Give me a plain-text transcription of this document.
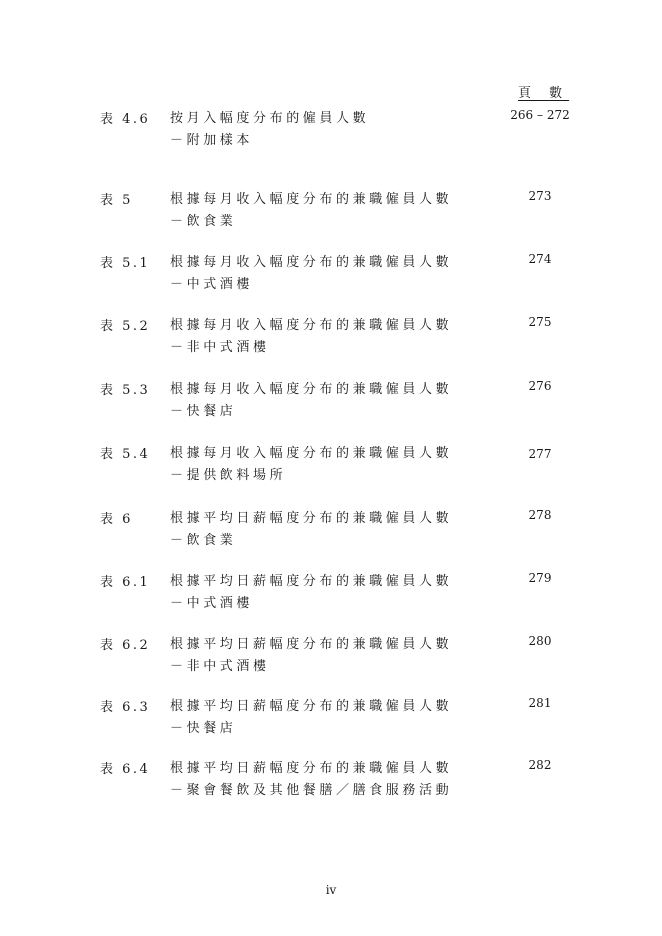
頁 數
表 4.6 按月入幅度分布的僱員人數
－附加樣本
266 – 272
表 5	根據每月收入幅度分布的兼職僱員人數
－飲食業
273
表 5.1 根據每月收入幅度分布的兼職僱員人數
－中式酒樓
274
表 5.2 根據每月收入幅度分布的兼職僱員人數
－非中式酒樓
275
表 5.3 根據每月收入幅度分布的兼職僱員人數
－快餐店
276
表 5.4 根據每月收入幅度分布的兼職僱員人數
－提供飲料場所
277
表 6	根據平均日薪幅度分布的兼職僱員人數
－飲食業
278
表 6.1 根據平均日薪幅度分布的兼職僱員人數
－中式酒樓
279
表 6.2 根據平均日薪幅度分布的兼職僱員人數
－非中式酒樓
280
表 6.3 根據平均日薪幅度分布的兼職僱員人數
－快餐店
281
表 6.4 根據平均日薪幅度分布的兼職僱員人數
－聚會餐飲及其他餐膳／膳食服務活動
282
iv
